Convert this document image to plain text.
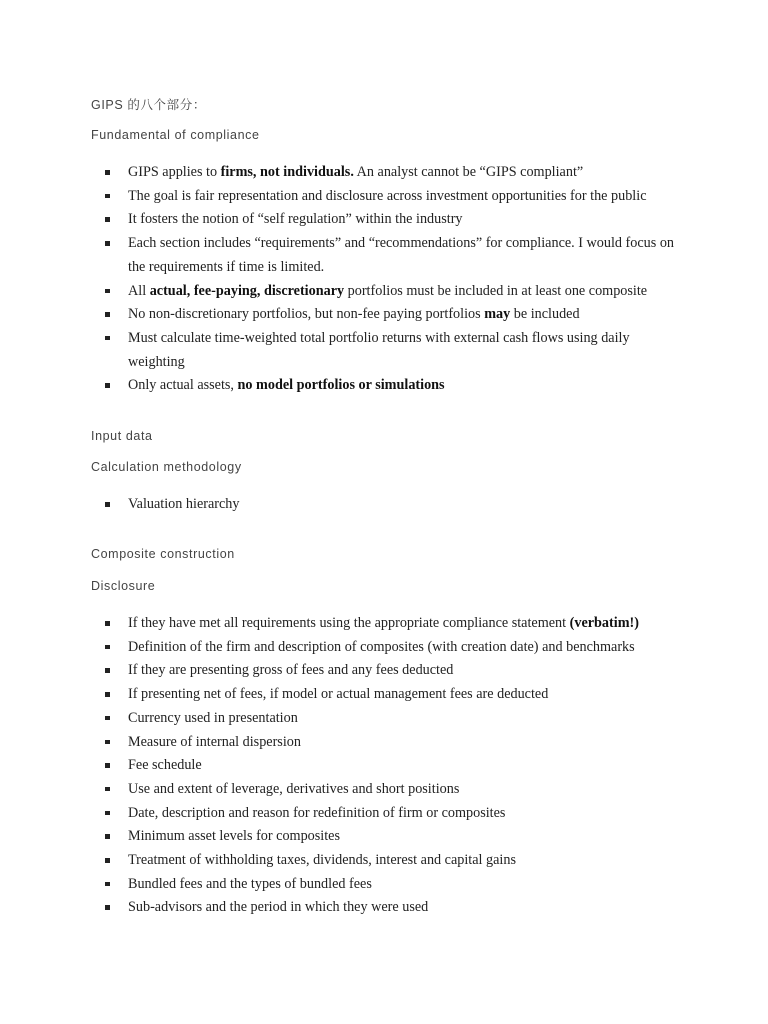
GIPS 的八个部分：
Fundamental of compliance
GIPS applies to firms, not individuals. An analyst cannot be “GIPS compliant”
The goal is fair representation and disclosure across investment opportunities for the public
It fosters the notion of “self regulation” within the industry
Each section includes “requirements” and “recommendations” for compliance. I would focus on the requirements if time is limited.
All actual, fee-paying, discretionary portfolios must be included in at least one composite
No non-discretionary portfolios, but non-fee paying portfolios may be included
Must calculate time-weighted total portfolio returns with external cash flows using daily weighting
Only actual assets, no model portfolios or simulations
Input data
Calculation methodology
Valuation hierarchy
Composite construction
Disclosure
If they have met all requirements using the appropriate compliance statement (verbatim!)
Definition of the firm and description of composites (with creation date) and benchmarks
If they are presenting gross of fees and any fees deducted
If presenting net of fees, if model or actual management fees are deducted
Currency used in presentation
Measure of internal dispersion
Fee schedule
Use and extent of leverage, derivatives and short positions
Date, description and reason for redefinition of firm or composites
Minimum asset levels for composites
Treatment of withholding taxes, dividends, interest and capital gains
Bundled fees and the types of bundled fees
Sub-advisors and the period in which they were used
